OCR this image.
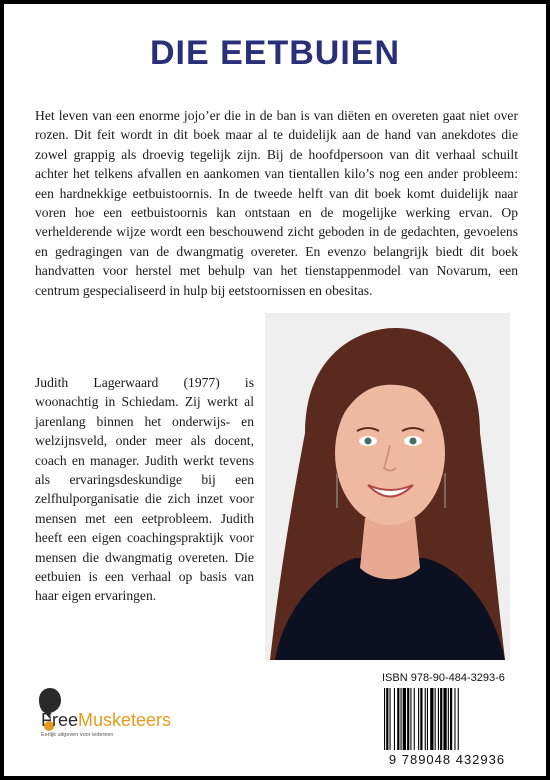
DIE EETBUIEN

Het leven van een enorme jojo’er die in de ban is van diëten en overeten gaat niet over rozen. Dit feit wordt in dit boek maar al te duidelijk aan de hand van anekdotes die zowel grappig als droevig tegelijk zijn. Bij de hoofdpersoon van dit verhaal schuilt achter het telkens afvallen en aankomen van tientallen kilo’s nog een ander probleem: een hardnekkige eetbuistoornis. In de tweede helft van dit boek komt duidelijk naar voren hoe een eetbuistoornis kan ontstaan en de mogelijke werking ervan. Op verhelderende wijze wordt een beschouwend zicht geboden in de gedachten, gevoelens en gedragingen van de dwangmatig overeter. En evenzo belangrijk biedt dit boek handvatten voor herstel met behulp van het tienstappenmodel van Novarum, een centrum gespecialiseerd in hulp bij eetstoornissen en obesitas.

Judith Lagerwaard (1977) is woonachtig in Schiedam. Zij werkt al jarenlang binnen het onderwijs- en welzijnsveld, onder meer als docent, coach en manager. Judith werkt tevens als ervaringsdeskundige bij een zelfhulporganisatie die zich inzet voor mensen met een eetprobleem. Judith heeft een eigen coachingspraktijk voor mensen die dwangmatig overeten. Die eetbuien is een verhaal op basis van haar eigen ervaringen.

FreeMusketeers
Eerlijk uitgeven voor iedereen
ISBN 978-90-484-3293-6
9 789048 432936
